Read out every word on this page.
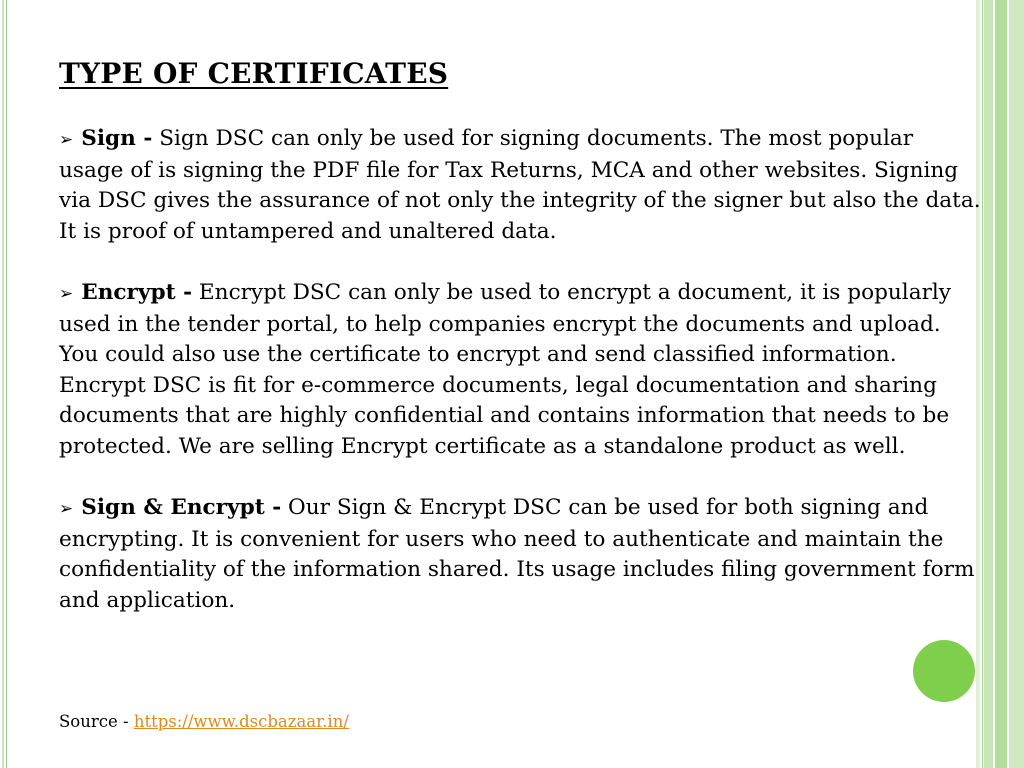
TYPE OF CERTIFICATES

➢ Sign - Sign DSC can only be used for signing documents. The most popular usage of is signing the PDF file for Tax Returns, MCA and other websites. Signing via DSC gives the assurance of not only the integrity of the signer but also the data. It is proof of untampered and unaltered data.

➢ Encrypt - Encrypt DSC can only be used to encrypt a document, it is popularly used in the tender portal, to help companies encrypt the documents and upload. You could also use the certificate to encrypt and send classified information. Encrypt DSC is fit for e-commerce documents, legal documentation and sharing documents that are highly confidential and contains information that needs to be protected. We are selling Encrypt certificate as a standalone product as well.

➢ Sign & Encrypt - Our Sign & Encrypt DSC can be used for both signing and encrypting. It is convenient for users who need to authenticate and maintain the confidentiality of the information shared. Its usage includes filing government form and application.

Source - https://www.dscbazaar.in/
